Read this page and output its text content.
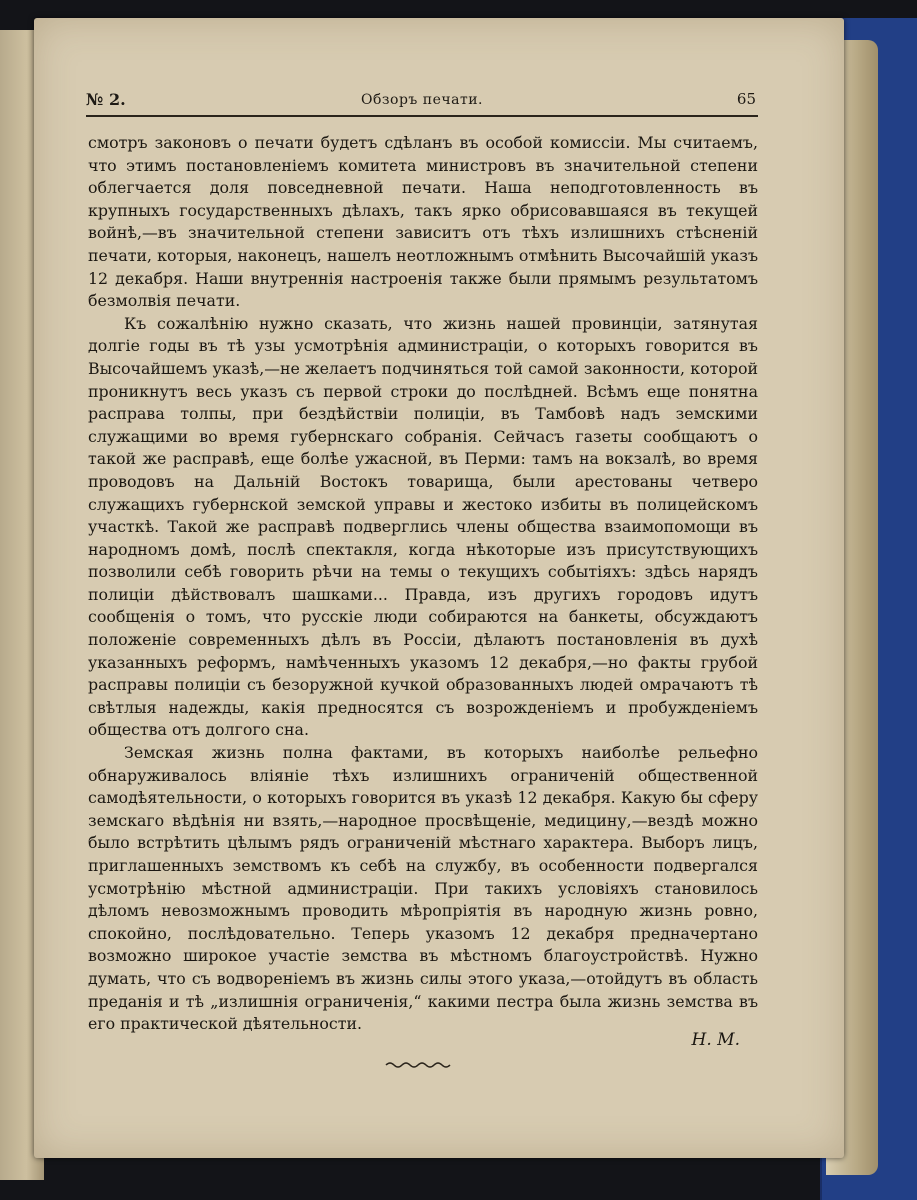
№ 2.	Обзоръ печати.	65

смотръ законовъ о печати будетъ сдѣланъ въ особой комиссіи. Мы считаемъ, что этимъ постановленіемъ комитета министровъ въ значительной степени облегчается доля повседневной печати. Наша неподготовленность въ крупныхъ государственныхъ дѣлахъ, такъ ярко обрисовавшаяся въ текущей войнѣ,—въ значительной степени зависитъ отъ тѣхъ излишнихъ стѣсненій печати, которыя, наконецъ, нашелъ неотложнымъ отмѣнить Высочайшій указъ 12 декабря. Наши внутреннія настроенія также были прямымъ результатомъ безмолвія печати.

Къ сожалѣнію нужно сказать, что жизнь нашей провинціи, затянутая долгіе годы въ тѣ узы усмотрѣнія администраціи, о которыхъ говорится въ Высочайшемъ указѣ,—не желаетъ подчиняться той самой законности, которой проникнутъ весь указъ съ первой строки до послѣдней. Всѣмъ еще понятна расправа толпы, при бездѣйствіи полиціи, въ Тамбовѣ надъ земскими служащими во время губернскаго собранія. Сейчасъ газеты сообщаютъ о такой же расправѣ, еще болѣе ужасной, въ Перми: тамъ на вокзалѣ, во время проводовъ на Дальній Востокъ товарища, были арестованы четверо служащихъ губернской земской управы и жестоко избиты въ полицейскомъ участкѣ. Такой же расправѣ подверглись члены общества взаимопомощи въ народномъ домѣ, послѣ спектакля, когда нѣкоторые изъ присутствующихъ позволили себѣ говорить рѣчи на темы о текущихъ событіяхъ: здѣсь нарядъ полиціи дѣйствовалъ шашками... Правда, изъ другихъ городовъ идутъ сообщенія о томъ, что русскіе люди собираются на банкеты, обсуждаютъ положеніе современныхъ дѣлъ въ Россіи, дѣлаютъ постановленія въ духѣ указанныхъ реформъ, намѣченныхъ указомъ 12 декабря,—но факты грубой расправы полиціи съ безоружной кучкой образованныхъ людей омрачаютъ тѣ свѣтлыя надежды, какія предносятся съ возрожденіемъ и пробужденіемъ общества отъ долгого сна.

Земская жизнь полна фактами, въ которыхъ наиболѣе рельефно обнаруживалось вліяніе тѣхъ излишнихъ ограниченій общественной самодѣятельности, о которыхъ говорится въ указѣ 12 декабря. Какую бы сферу земскаго вѣдѣнія ни взять,—народное просвѣщеніе, медицину,—вездѣ можно было встрѣтить цѣлымъ рядъ ограниченій мѣстнаго характера. Выборъ лицъ, приглашенныхъ земствомъ къ себѣ на службу, въ особенности подвергался усмотрѣнію мѣстной администраціи. При такихъ условіяхъ становилось дѣломъ невозможнымъ проводить мѣропріятія въ народную жизнь ровно, спокойно, послѣдовательно. Теперь указомъ 12 декабря предначертано возможно широкое участіе земства въ мѣстномъ благоустройствѣ. Нужно думать, что съ водвореніемъ въ жизнь силы этого указа,—отойдутъ въ область преданія и тѣ „излишнія ограниченія,“ какими пестра была жизнь земства въ его практической дѣятельности.

Н. М.
